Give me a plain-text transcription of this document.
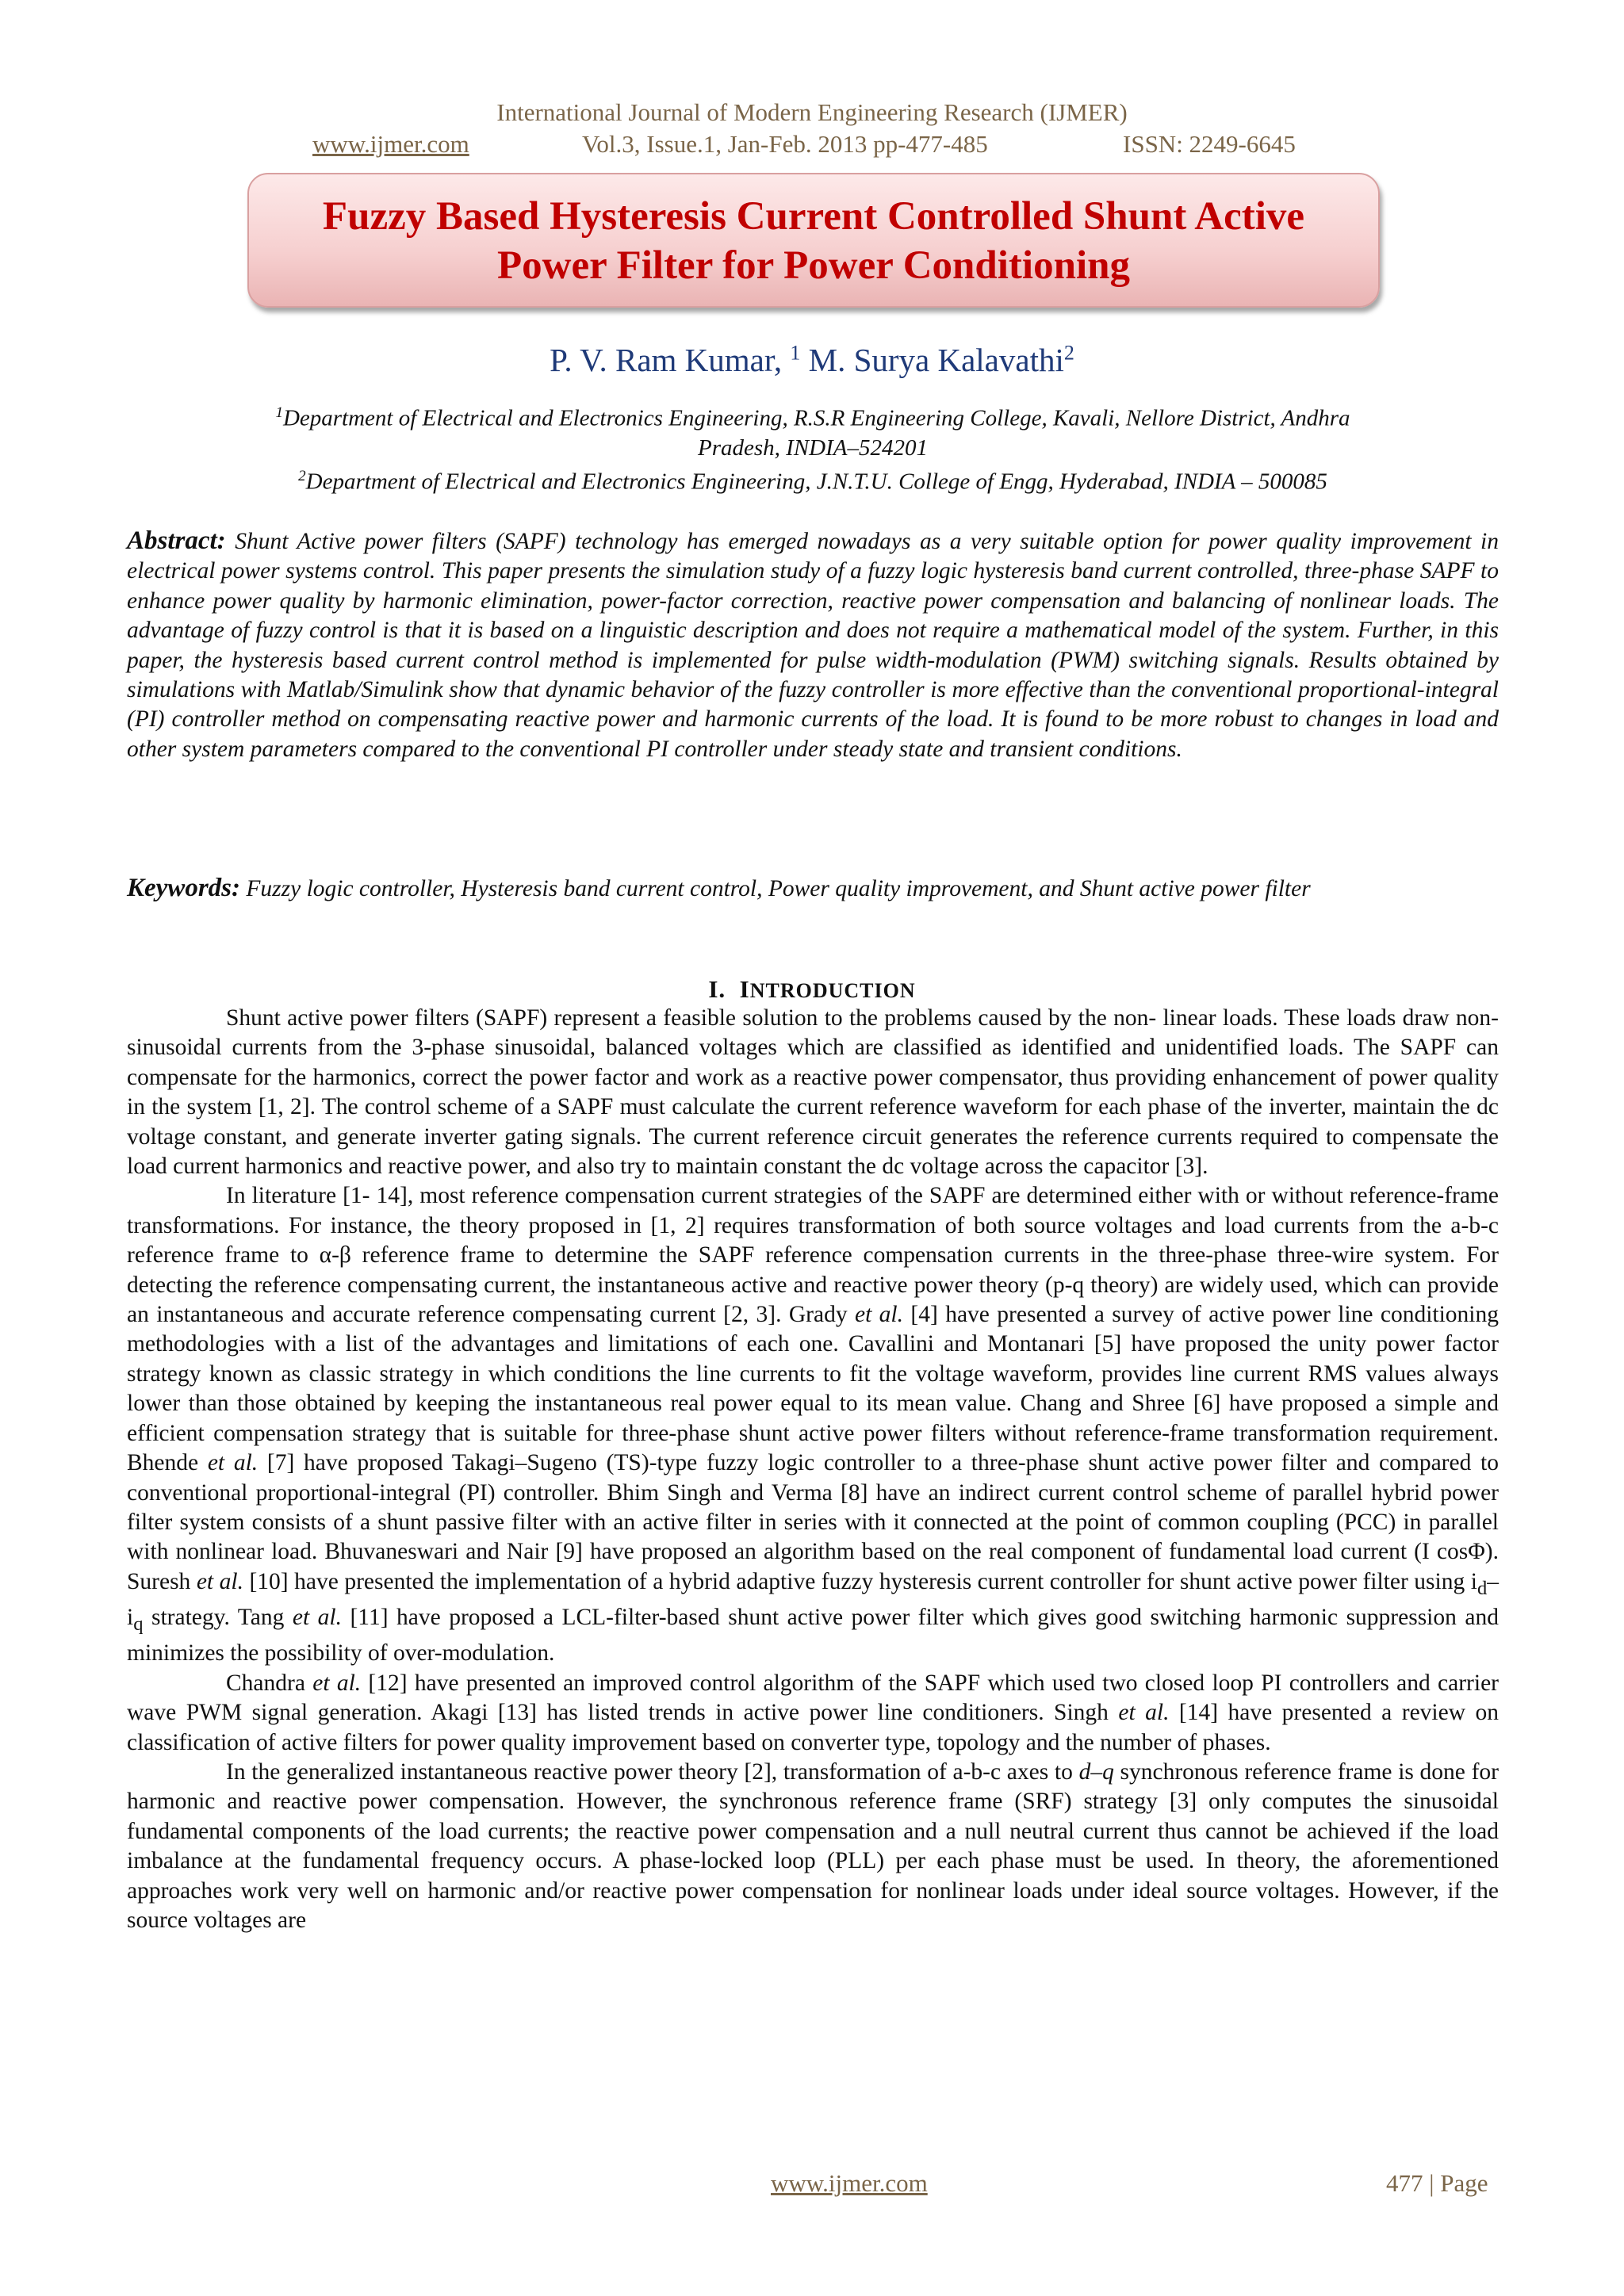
International Journal of Modern Engineering Research (IJMER)
www.ijmer.com	Vol.3, Issue.1, Jan-Feb. 2013 pp-477-485	ISSN: 2249-6645
Fuzzy Based Hysteresis Current Controlled Shunt Active
Power Filter for Power Conditioning
P. V. Ram Kumar, $^1$ M. Surya Kalavathi$^2$
$^1$Department of Electrical and Electronics Engineering, R.S.R Engineering College, Kavali, Nellore District, Andhra
Pradesh, INDIA–524201
$^2$Department of Electrical and Electronics Engineering, J.N.T.U. College of Engg, Hyderabad, INDIA – 500085
Abstract: Shunt Active power filters (SAPF) technology has emerged nowadays as a very suitable option for power quality improvement in electrical power systems control. This paper presents the simulation study of a fuzzy logic hysteresis band current controlled, three-phase SAPF to enhance power quality by harmonic elimination, power-factor correction, reactive power compensation and balancing of nonlinear loads. The advantage of fuzzy control is that it is based on a linguistic description and does not require a mathematical model of the system. Further, in this paper, the hysteresis based current control method is implemented for pulse width-modulation (PWM) switching signals. Results obtained by simulations with Matlab/Simulink show that dynamic behavior of the fuzzy controller is more effective than the conventional proportional-integral (PI) controller method on compensating reactive power and harmonic currents of the load. It is found to be more robust to changes in load and other system parameters compared to the conventional PI controller under steady state and transient conditions.
Keywords: Fuzzy logic controller, Hysteresis band current control, Power quality improvement, and Shunt active power filter
I. INTRODUCTION

Shunt active power filters (SAPF) represent a feasible solution to the problems caused by the non- linear loads. These loads draw non-sinusoidal currents from the 3-phase sinusoidal, balanced voltages which are classified as identified and unidentified loads. The SAPF can compensate for the harmonics, correct the power factor and work as a reactive power compensator, thus providing enhancement of power quality in the system [1, 2]. The control scheme of a SAPF must calculate the current reference waveform for each phase of the inverter, maintain the dc voltage constant, and generate inverter gating signals. The current reference circuit generates the reference currents required to compensate the load current harmonics and reactive power, and also try to maintain constant the dc voltage across the capacitor [3].

In literature [1- 14], most reference compensation current strategies of the SAPF are determined either with or without reference-frame transformations. For instance, the theory proposed in [1, 2] requires transformation of both source voltages and load currents from the a-b-c reference frame to α-β reference frame to determine the SAPF reference compensation currents in the three-phase three-wire system. For detecting the reference compensating current, the instantaneous active and reactive power theory (p-q theory) are widely used, which can provide an instantaneous and accurate reference compensating current [2, 3]. Grady et al. [4] have presented a survey of active power line conditioning methodologies with a list of the advantages and limitations of each one. Cavallini and Montanari [5] have proposed the unity power factor strategy known as classic strategy in which conditions the line currents to fit the voltage waveform, provides line current RMS values always lower than those obtained by keeping the instantaneous real power equal to its mean value. Chang and Shree [6] have proposed a simple and efficient compensation strategy that is suitable for three-phase shunt active power filters without reference-frame transformation requirement. Bhende et al. [7] have proposed Takagi–Sugeno (TS)-type fuzzy logic controller to a three-phase shunt active power filter and compared to conventional proportional-integral (PI) controller. Bhim Singh and Verma [8] have an indirect current control scheme of parallel hybrid power filter system consists of a shunt passive filter with an active filter in series with it connected at the point of common coupling (PCC) in parallel with nonlinear load. Bhuvaneswari and Nair [9] have proposed an algorithm based on the real component of fundamental load current (I cosΦ). Suresh et al. [10] have presented the implementation of a hybrid adaptive fuzzy hysteresis current controller for shunt active power filter using $i_d-i_q$ strategy. Tang et al. [11] have proposed a LCL-filter-based shunt active power filter which gives good switching harmonic suppression and minimizes the possibility of over-modulation.

Chandra et al. [12] have presented an improved control algorithm of the SAPF which used two closed loop PI controllers and carrier wave PWM signal generation. Akagi [13] has listed trends in active power line conditioners. Singh et al. [14] have presented a review on classification of active filters for power quality improvement based on converter type, topology and the number of phases.

In the generalized instantaneous reactive power theory [2], transformation of a-b-c axes to d–q synchronous reference frame is done for harmonic and reactive power compensation. However, the synchronous reference frame (SRF) strategy [3] only computes the sinusoidal fundamental components of the load currents; the reactive power compensation and a null neutral current thus cannot be achieved if the load imbalance at the fundamental frequency occurs. A phase-locked loop (PLL) per each phase must be used. In theory, the aforementioned approaches work very well on harmonic and/or reactive power compensation for nonlinear loads under ideal source voltages. However, if the source voltages are

www.ijmer.com	477 | Page
